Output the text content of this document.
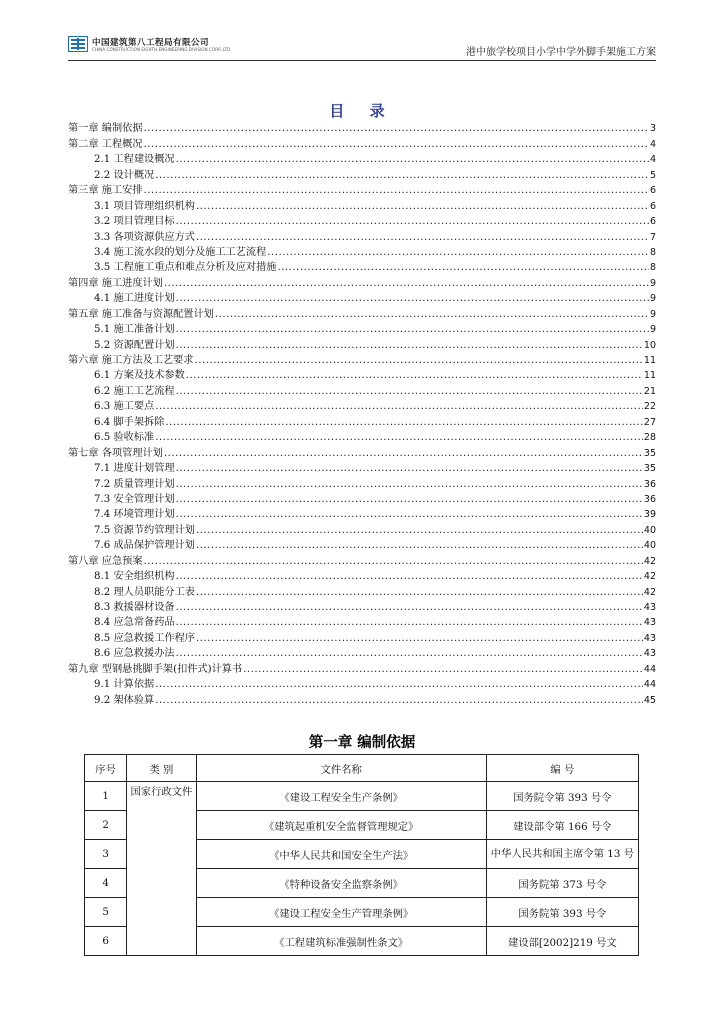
中国建筑第八工程局有限公司
CHINA CONSTRUCTION EIGHTH ENGINEERING DIVISION CORP.,LTD	港中旅学校项目小学中学外脚手架施工方案
目 录
第一章 编制依据 .....	3
第二章 工程概况 .....	4
2.1 工程建设概况 .....	4
2.2 设计概况 .....	5
第三章 施工安排 .....	6
3.1 项目管理组织机构 .....	6
3.2 项目管理目标 .....	6
3.3 各项资源供应方式 .....	7
3.4 施工流水段的划分及施工工艺流程 .....	8
3.5 工程施工重点和难点分析及应对措施 .....	8
第四章 施工进度计划 .....	9
4.1 施工进度计划 .....	9
第五章 施工准备与资源配置计划 .....	9
5.1 施工准备计划 .....	9
5.2 资源配置计划 .....	10
第六章 施工方法及工艺要求 .....	11
6.1 方案及技术参数 .....	11
6.2 施工工艺流程 .....	21
6.3 施工要点 .....	22
6.4 脚手架拆除 .....	27
6.5 验收标准 .....	28
第七章 各项管理计划 .....	35
7.1 进度计划管理 .....	35
7.2 质量管理计划 .....	36
7.3 安全管理计划 .....	36
7.4 环境管理计划 .....	39
7.5 资源节约管理计划 .....	40
7.6 成品保护管理计划 .....	40
第八章 应急预案 .....	42
8.1 安全组织机构 .....	42
8.2 理人员职能分工表 .....	42
8.3 救援器材设备 .....	43
8.4 应急常备药品 .....	43
8.5 应急救援工作程序 .....	43
8.6 应急救援办法 .....	43
第九章 型钢悬挑脚手架(扣件式)计算书 .....	44
9.1 计算依据 .....	44
9.2 架体验算 .....	45
第一章 编制依据
序号	类 别	文件名称	编 号
1	国家行政文件	《建设工程安全生产条例》	国务院令第 393 号令
2		《建筑起重机安全监督管理规定》	建设部令第 166 号令
3		《中华人民共和国安全生产法》	中华人民共和国主席令第 13 号
4		《特种设备安全监察条例》	国务院第 373 号令
5		《建设工程安全生产管理条例》	国务院第 393 号令
6		《工程建筑标准强制性条文》	建设部[2002]219 号文
